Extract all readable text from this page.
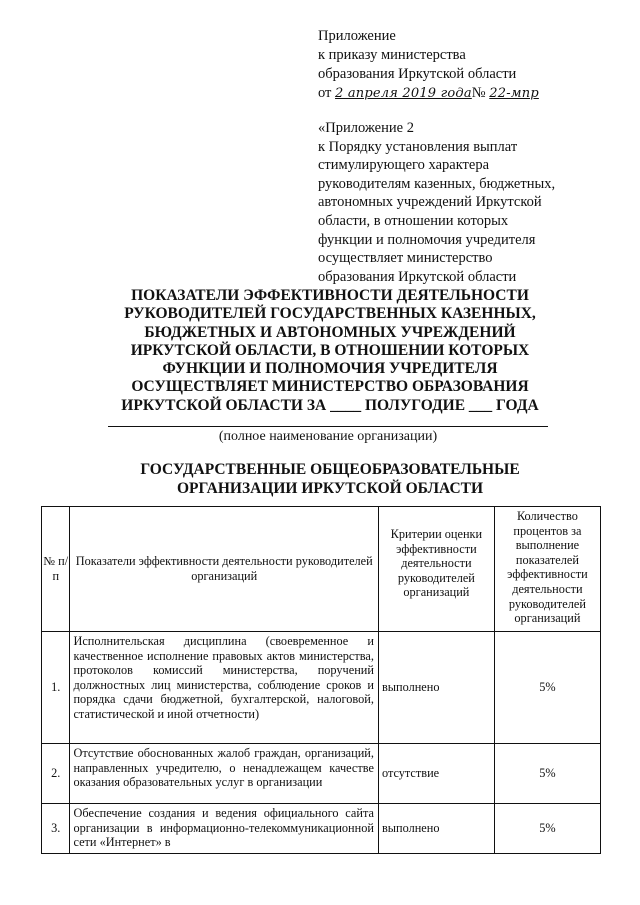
Приложение
к приказу министерства
образования Иркутской области
от 2 апреля 2019 года№ 22-мпр
«Приложение 2
к Порядку установления выплат
стимулирующего характера
руководителям казенных, бюджетных,
автономных учреждений Иркутской
области, в отношении которых
функции и полномочия учредителя
осуществляет министерство
образования Иркутской области
ПОКАЗАТЕЛИ ЭФФЕКТИВНОСТИ ДЕЯТЕЛЬНОСТИ
РУКОВОДИТЕЛЕЙ ГОСУДАРСТВЕННЫХ КАЗЕННЫХ,
БЮДЖЕТНЫХ И АВТОНОМНЫХ УЧРЕЖДЕНИЙ
ИРКУТСКОЙ ОБЛАСТИ, В ОТНОШЕНИИ КОТОРЫХ
ФУНКЦИИ И ПОЛНОМОЧИЯ УЧРЕДИТЕЛЯ
ОСУЩЕСТВЛЯЕТ МИНИСТЕРСТВО ОБРАЗОВАНИЯ
ИРКУТСКОЙ ОБЛАСТИ ЗА ____ ПОЛУГОДИЕ ___ ГОДА
(полное наименование организации)
ГОСУДАРСТВЕННЫЕ ОБЩЕОБРАЗОВАТЕЛЬНЫЕ
ОРГАНИЗАЦИИ ИРКУТСКОЙ ОБЛАСТИ
№ п/п	Показатели эффективности деятельности руководителей организаций	Критерии оценки эффективности деятельности руководителей организаций	Количество процентов за выполнение показателей эффективности деятельности руководителей организаций
1.	Исполнительская дисциплина (своевременное и качественное исполнение правовых актов министерства, протоколов комиссий министерства, поручений должностных лиц министерства, соблюдение сроков и порядка сдачи бюджетной, бухгалтерской, налоговой, статистической и иной отчетности)	выполнено	5%
2.	Отсутствие обоснованных жалоб граждан, организаций, направленных учредителю, о ненадлежащем качестве оказания образовательных услуг в организации	отсутствие	5%
3.	Обеспечение создания и ведения официального сайта организации в информационно-телекоммуникационной сети «Интернет» в	выполнено	5%
